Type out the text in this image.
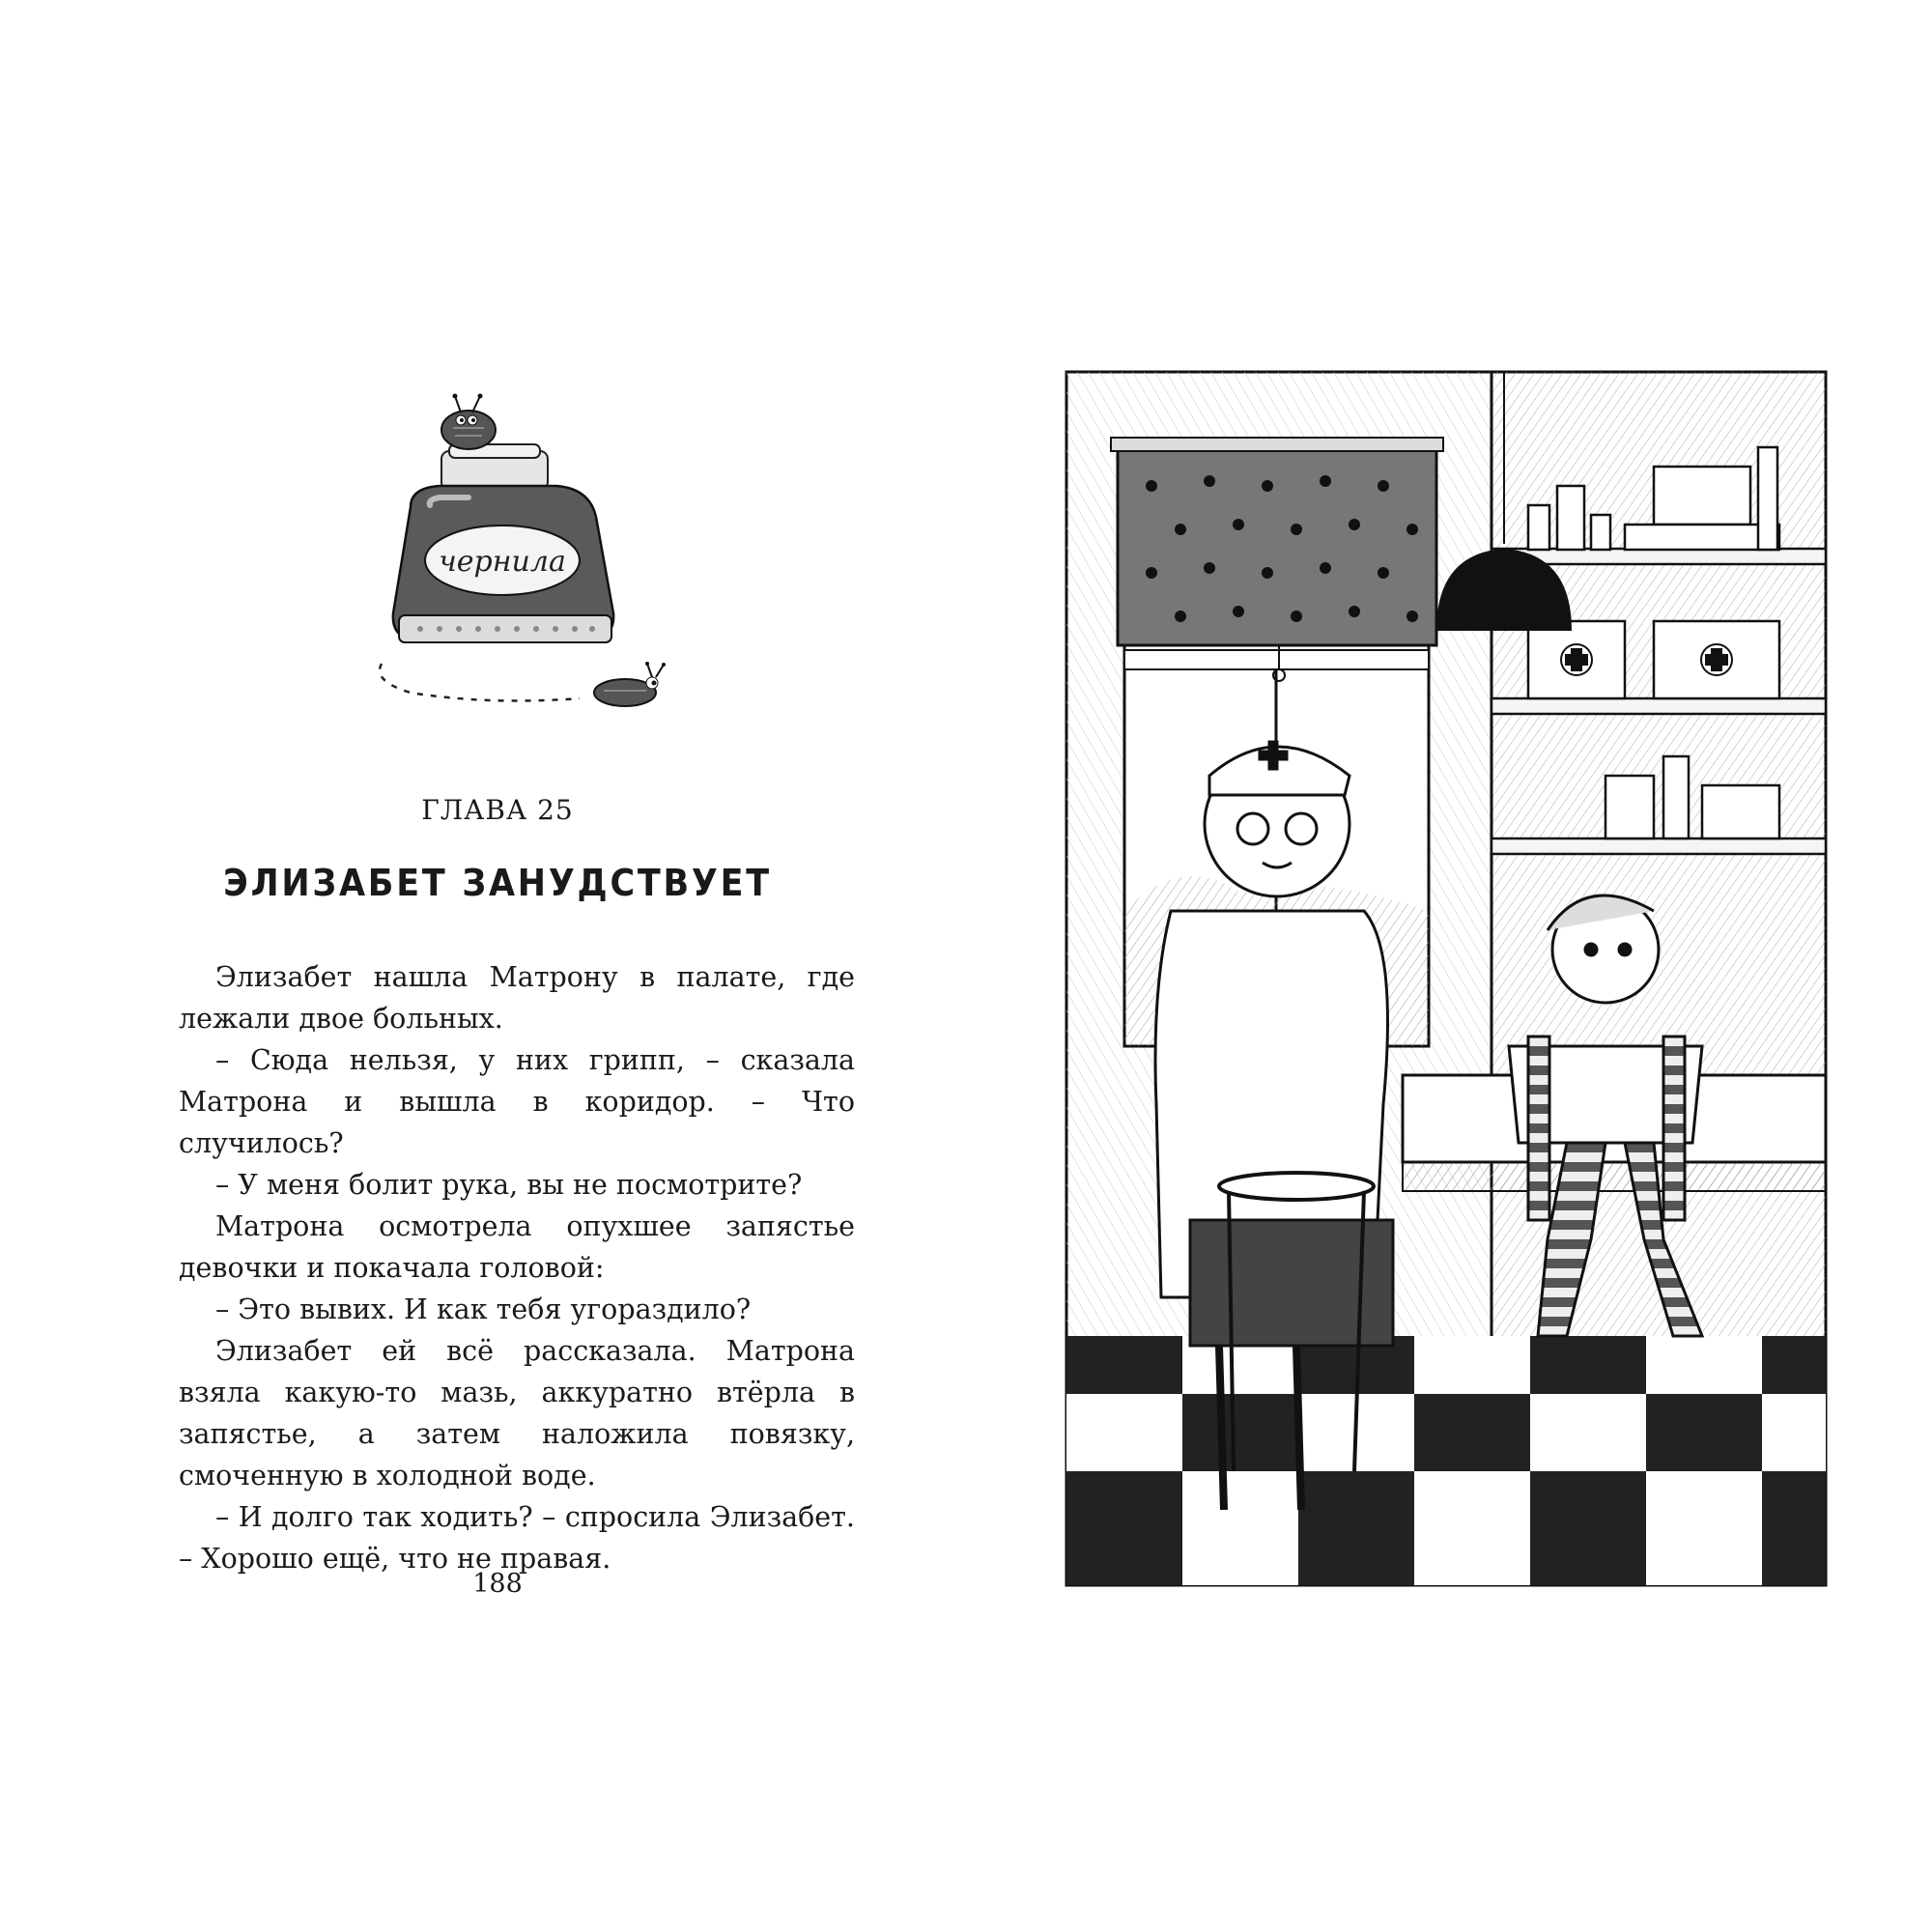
чернила
ГЛАВА 25
ЭЛИЗАБЕТ ЗАНУДСТВУЕТ

Элизабет нашла Матрону в палате, где лежали двое больных.

– Сюда нельзя, у них грипп, – сказала Матрона и вышла в коридор. – Что случилось?

– У меня болит рука, вы не посмотрите?

Матрона осмотрела опухшее запястье девочки и покачала головой:

– Это вывих. И как тебя угораздило?

Элизабет ей всё рассказала. Матрона взяла какую-то мазь, аккуратно втёрла в запястье, а затем наложила повязку, смоченную в холодной воде.

– И долго так ходить? – спросила Элизабет. – Хорошо ещё, что не правая.

188
